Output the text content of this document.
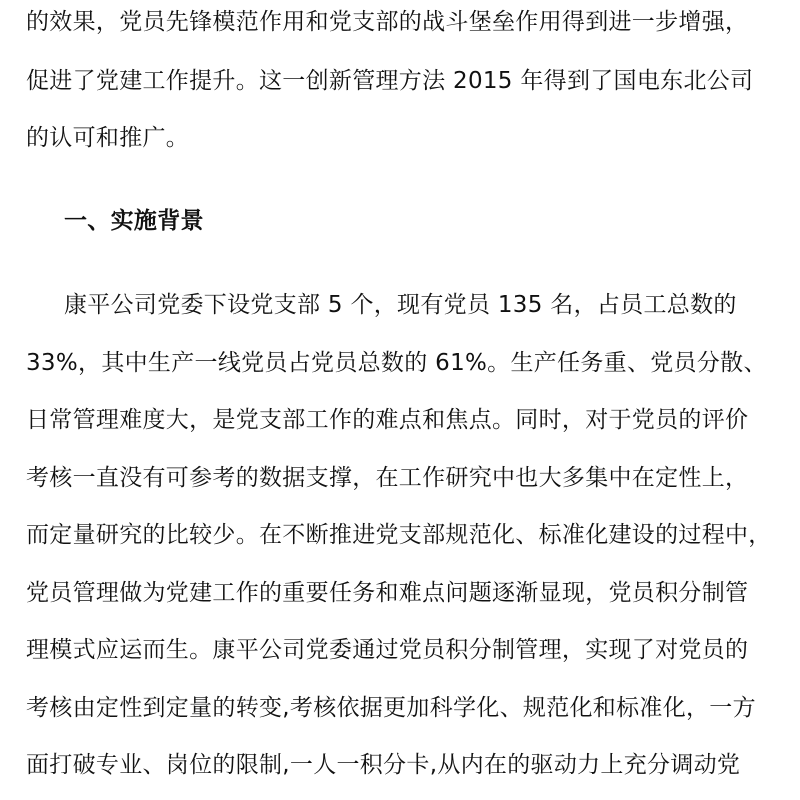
的效果，党员先锋模范作用和党支部的战斗堡垒作用得到进一步增强，
促进了党建工作提升。这一创新管理方法 2015 年得到了国电东北公司
的认可和推广。
一、实施背景
康平公司党委下设党支部 5 个，现有党员 135 名，占员工总数的
33%，其中生产一线党员占党员总数的 61%。生产任务重、党员分散、
日常管理难度大，是党支部工作的难点和焦点。同时，对于党员的评价
考核一直没有可参考的数据支撑，在工作研究中也大多集中在定性上，
而定量研究的比较少。在不断推进党支部规范化、标准化建设的过程中，
党员管理做为党建工作的重要任务和难点问题逐渐显现，党员积分制管
理模式应运而生。康平公司党委通过党员积分制管理，实现了对党员的
考核由定性到定量的转变,考核依据更加科学化、规范化和标准化，一方
面打破专业、岗位的限制,一人一积分卡,从内在的驱动力上充分调动党
